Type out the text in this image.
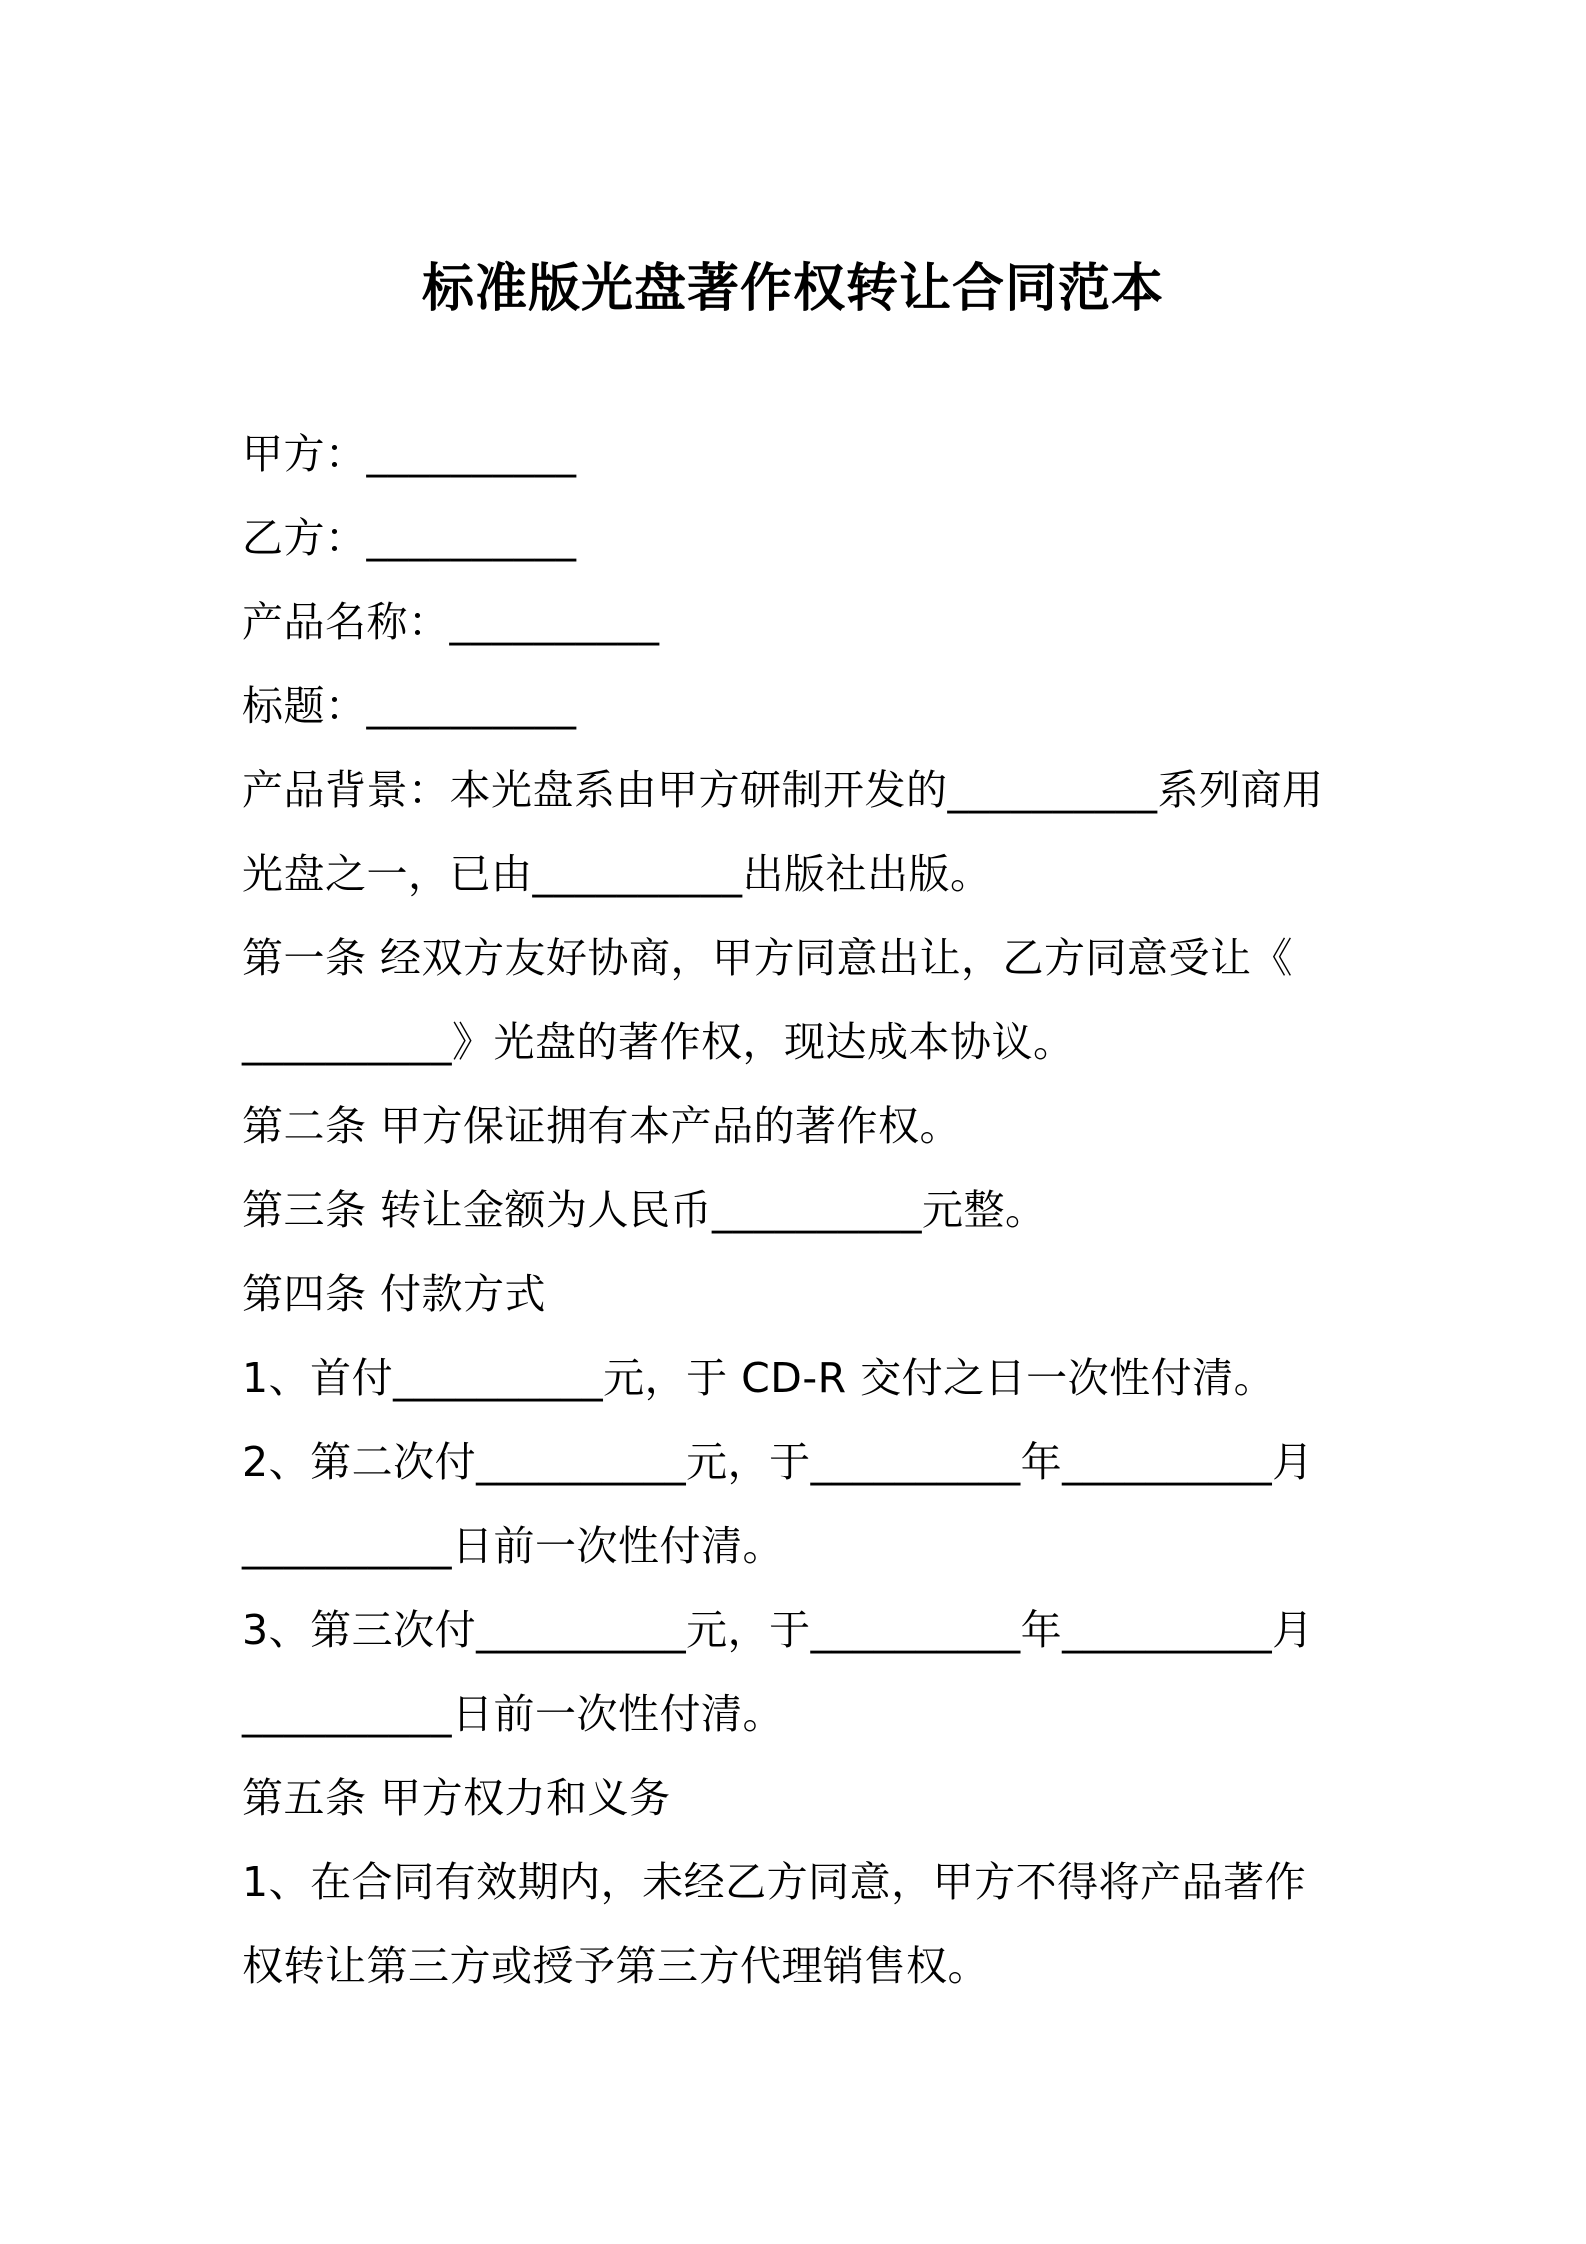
标准版光盘著作权转让合同范本
甲方：__________
乙方：__________
产品名称：__________
标题：__________
产品背景：本光盘系由甲方研制开发的__________系列商用
光盘之一，已由__________出版社出版。
第一条 经双方友好协商，甲方同意出让，乙方同意受让《
__________》光盘的著作权，现达成本协议。
第二条 甲方保证拥有本产品的著作权。
第三条 转让金额为人民币__________元整。
第四条 付款方式
1、首付__________元，于 CD-R 交付之日一次性付清。
2、第二次付__________元，于__________年__________月
__________日前一次性付清。
3、第三次付__________元，于__________年__________月
__________日前一次性付清。
第五条 甲方权力和义务
1、在合同有效期内，未经乙方同意，甲方不得将产品著作
权转让第三方或授予第三方代理销售权。
